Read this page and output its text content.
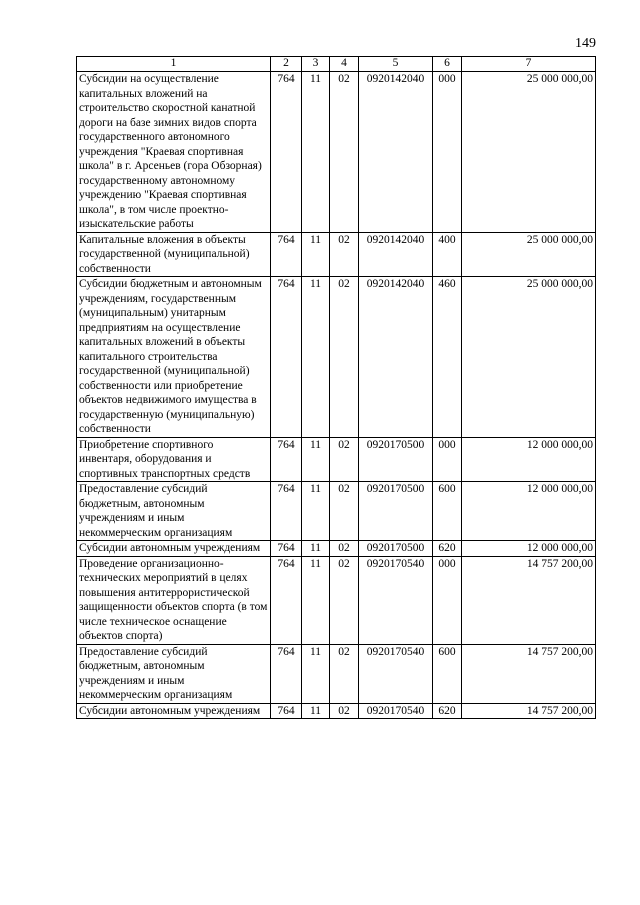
149
1	2	3	4	5	6	7
Субсидии на осуществление капитальных вложений на строительство скоростной канатной дороги на базе зимних видов спорта государственного автономного учреждения "Краевая спортивная школа" в г. Арсеньев (гора Обзорная) государственному автономному учреждению "Краевая спортивная школа", в том числе проектно-изыскательские работы	764	11	02	0920142040	000	25 000 000,00
Капитальные вложения в объекты государственной (муниципальной) собственности	764	11	02	0920142040	400	25 000 000,00
Субсидии бюджетным и автономным учреждениям, государственным (муниципальным) унитарным предприятиям на осуществление капитальных вложений в объекты капитального строительства государственной (муниципальной) собственности или приобретение объектов недвижимого имущества в государственную (муниципальную) собственности	764	11	02	0920142040	460	25 000 000,00
Приобретение спортивного инвентаря, оборудования и спортивных транспортных средств	764	11	02	0920170500	000	12 000 000,00
Предоставление субсидий бюджетным, автономным учреждениям и иным некоммерческим организациям	764	11	02	0920170500	600	12 000 000,00
Субсидии автономным учреждениям	764	11	02	0920170500	620	12 000 000,00
Проведение организационно-технических мероприятий в целях повышения антитеррористической защищенности объектов спорта (в том числе техническое оснащение объектов спорта)	764	11	02	0920170540	000	14 757 200,00
Предоставление субсидий бюджетным, автономным учреждениям и иным некоммерческим организациям	764	11	02	0920170540	600	14 757 200,00
Субсидии автономным учреждениям	764	11	02	0920170540	620	14 757 200,00
